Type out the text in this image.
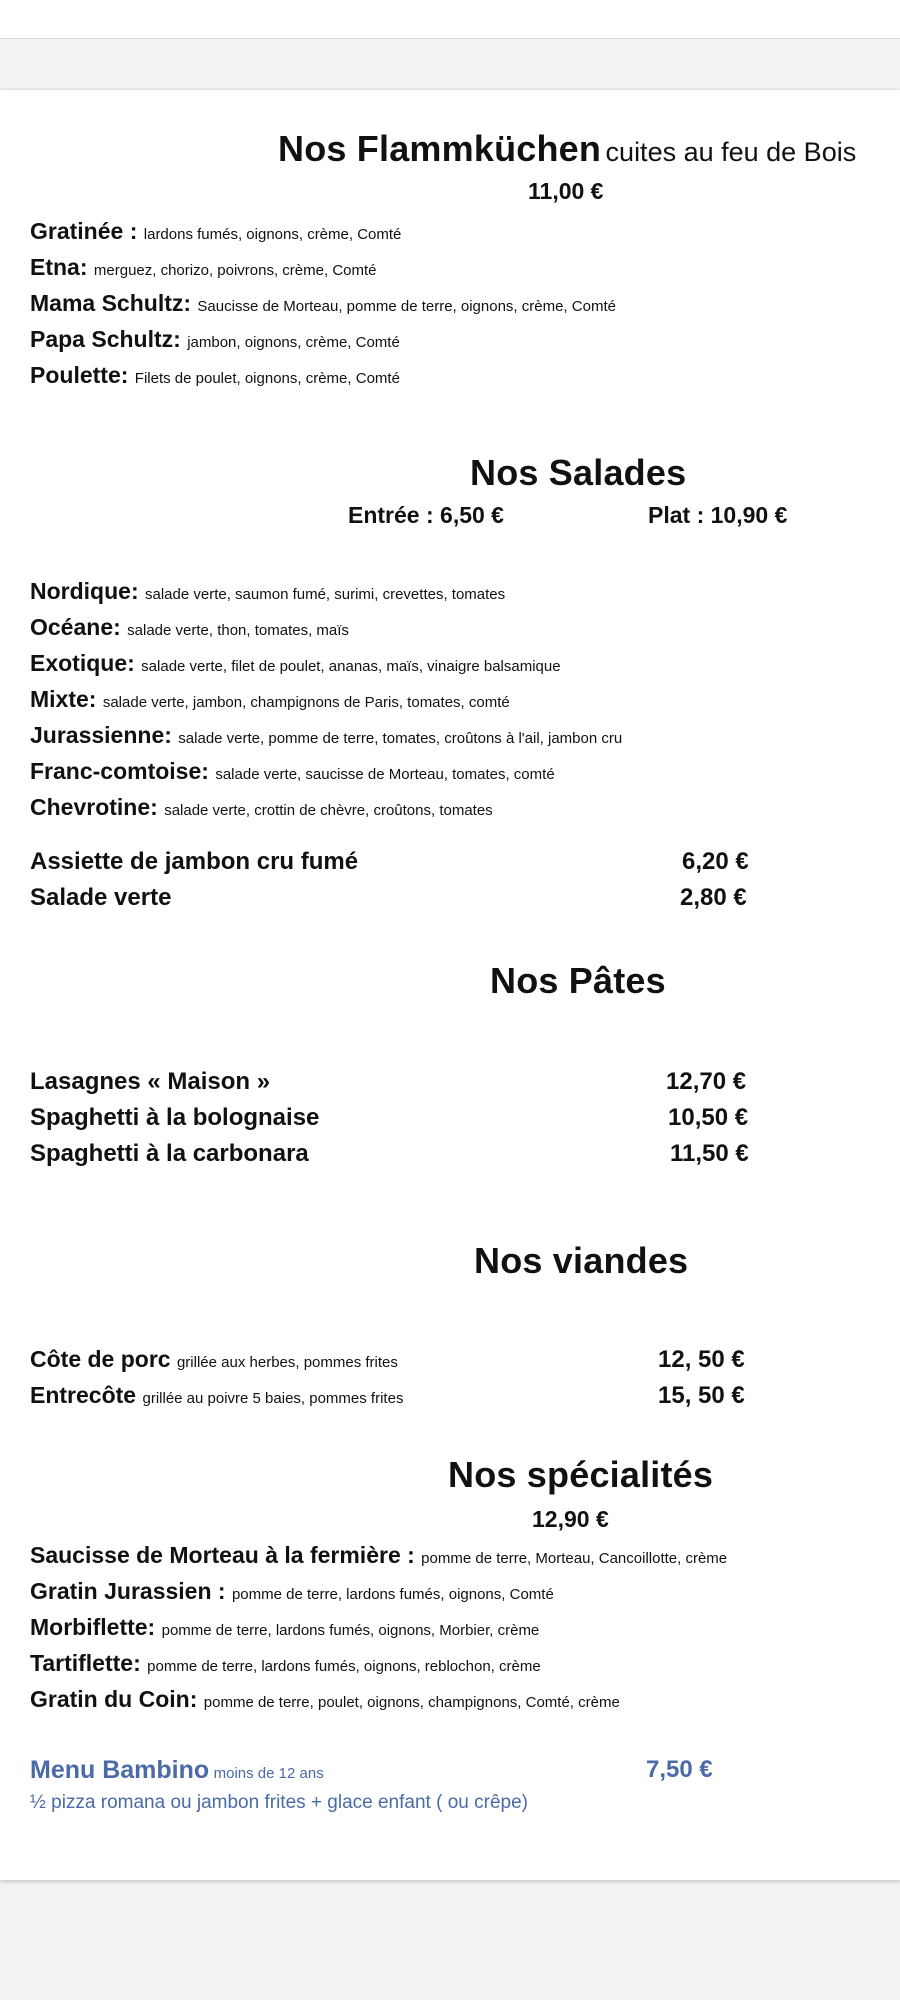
Nos Flammküchen cuites au feu de Bois
11,00 €
Gratinée : lardons fumés, oignons, crème, Comté
Etna: merguez, chorizo, poivrons, crème, Comté
Mama Schultz: Saucisse de Morteau, pomme de terre, oignons, crème, Comté
Papa Schultz: jambon, oignons, crème, Comté
Poulette: Filets de poulet, oignons, crème, Comté
Nos Salades
Entrée : 6,50 €	Plat : 10,90 €
Nordique: salade verte, saumon fumé, surimi, crevettes, tomates
Océane: salade verte, thon, tomates, maïs
Exotique: salade verte, filet de poulet, ananas, maïs, vinaigre balsamique
Mixte: salade verte, jambon, champignons de Paris, tomates, comté
Jurassienne: salade verte, pomme de terre, tomates, croûtons à l'ail, jambon cru
Franc-comtoise: salade verte, saucisse de Morteau, tomates, comté
Chevrotine: salade verte, crottin de chèvre, croûtons, tomates
Assiette de jambon cru fumé	6,20 €
Salade verte	2,80 €
Nos Pâtes
Lasagnes « Maison »	12,70 €
Spaghetti à la bolognaise	10,50 €
Spaghetti à la carbonara	11,50 €
Nos viandes
Côte de porc grillée aux herbes, pommes frites	12, 50 €
Entrecôte grillée au poivre 5 baies, pommes frites	15, 50 €
Nos spécialités
12,90 €
Saucisse de Morteau à la fermière : pomme de terre, Morteau, Cancoillotte, crème
Gratin Jurassien : pomme de terre, lardons fumés, oignons, Comté
Morbiflette: pomme de terre, lardons fumés, oignons, Morbier, crème
Tartiflette: pomme de terre, lardons fumés, oignons, reblochon, crème
Gratin du Coin: pomme de terre, poulet, oignons, champignons, Comté, crème
Menu Bambino moins de 12 ans	7,50 €
½ pizza romana ou jambon frites + glace enfant ( ou crêpe)
